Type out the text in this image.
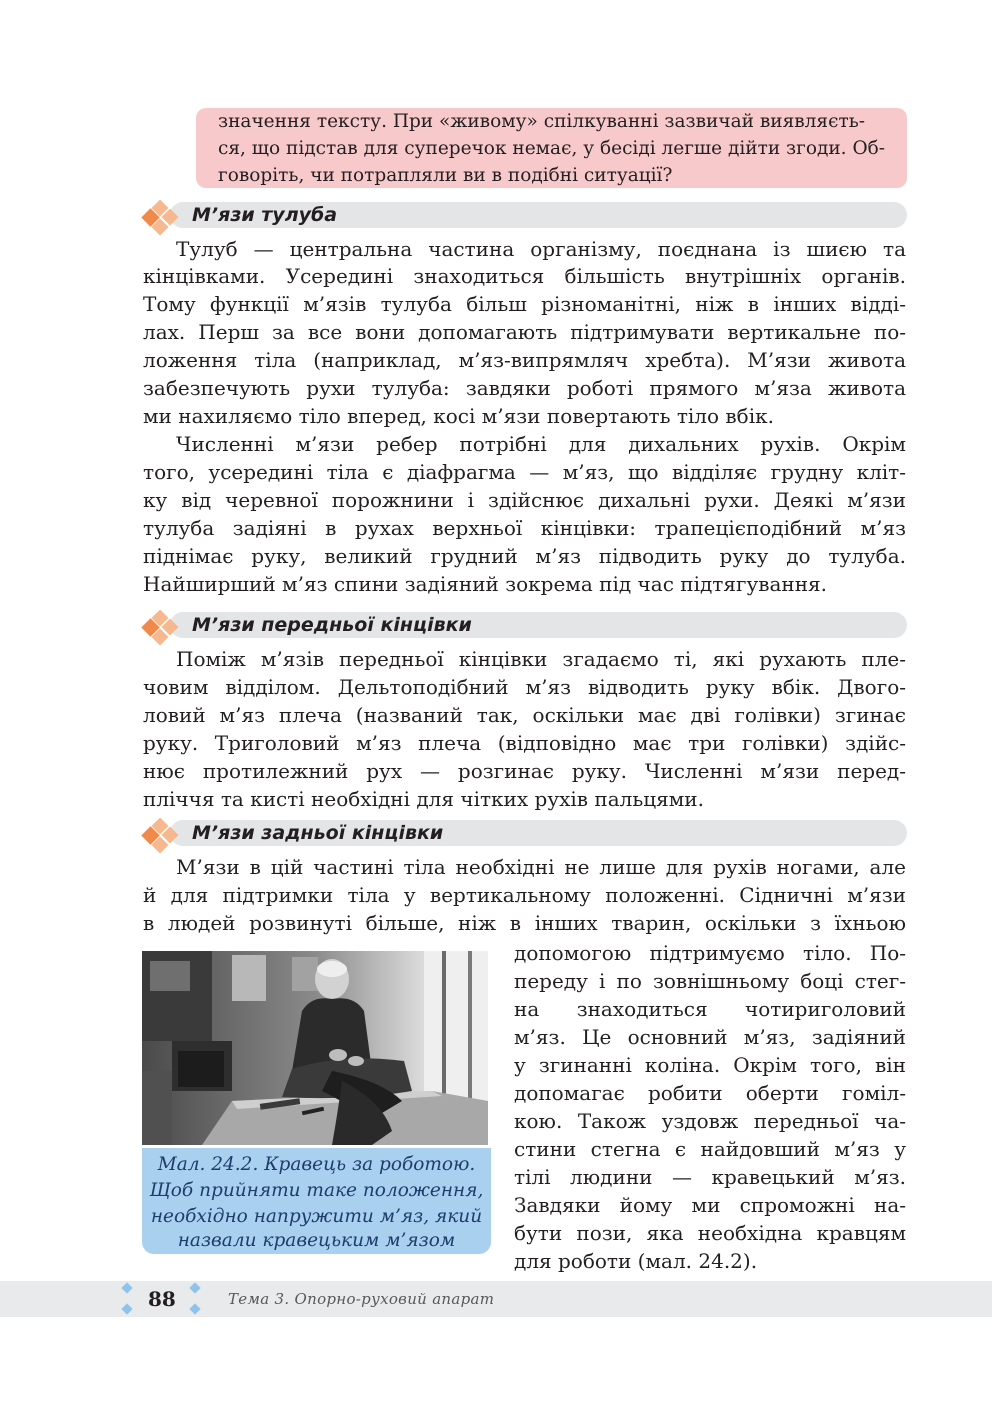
значення тексту. При «живому» спілкуванні зазвичай виявляєть-
ся, що підстав для суперечок немає, у бесіді легше дійти згоди. Об-
говоріть, чи потрапляли ви в подібні ситуації?
М’язи тулуба
Тулуб — центральна частина організму, поєднана із шиєю та
кінцівками. Усередині знаходиться більшість внутрішніх органів.
Тому функції м’язів тулуба більш різноманітні, ніж в інших відді-
лах. Перш за все вони допомагають підтримувати вертикальне по-
ложення тіла (наприклад, м’яз-випрямляч хребта). М’язи живота
забезпечують рухи тулуба: завдяки роботі прямого м’яза живота
ми нахиляємо тіло вперед, косі м’язи повертають тіло вбік.
Численні м’язи ребер потрібні для дихальних рухів. Окрім
того, усередині тіла є діафрагма — м’яз, що відділяє грудну кліт-
ку від черевної порожнини і здійснює дихальні рухи. Деякі м’язи
тулуба задіяні в рухах верхньої кінцівки: трапецієподібний м’яз
піднімає руку, великий грудний м’яз підводить руку до тулуба.
Найширший м’яз спини задіяний зокрема під час підтягування.
М’язи передньої кінцівки
Поміж м’язів передньої кінцівки згадаємо ті, які рухають пле-
човим відділом. Дельтоподібний м’яз відводить руку вбік. Двого-
ловий м’яз плеча (названий так, оскільки має дві голівки) згинає
руку. Триголовий м’яз плеча (відповідно має три голівки) здійс-
нює протилежний рух — розгинає руку. Численні м’язи перед-
пліччя та кисті необхідні для чітких рухів пальцями.
М’язи задньої кінцівки
М’язи в цій частині тіла необхідні не лише для рухів ногами, але
й для підтримки тіла у вертикальному положенні. Сідничні м’язи
в людей розвинуті більше, ніж в інших тварин, оскільки з їхньою
допомогою підтримуємо тіло. По-
переду і по зовнішньому боці стег-
на знаходиться чотириголовий
м’яз. Це основний м’яз, задіяний
у згинанні коліна. Окрім того, він
допомагає робити оберти гоміл-
кою. Також уздовж передньої ча-
стини стегна є найдовший м’яз у
тілі людини — кравецький м’яз.
Завдяки йому ми спроможні на-
бути пози, яка необхідна кравцям
для роботи (мал. 24.2).
Мал. 24.2. Кравець за роботою.
Щоб прийняти таке положення,
необхідно напружити м’яз, який
назвали кравецьким м’язом
88	Тема 3. Опорно-руховий апарат
